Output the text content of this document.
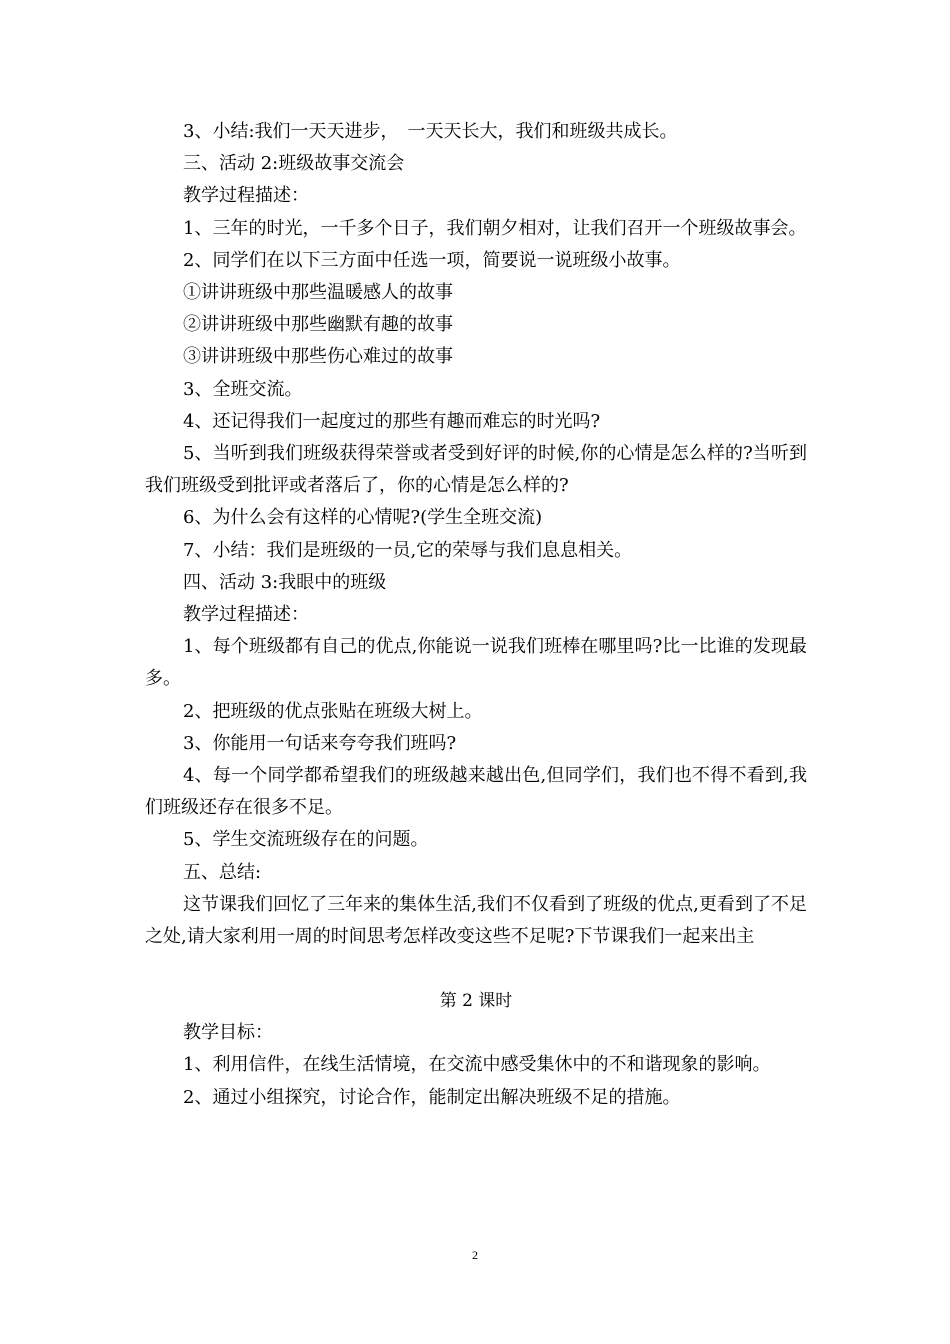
3、小结:我们一天天进步，　一天天长大，我们和班级共成长。

三、活动 2:班级故事交流会

教学过程描述：

1、三年的时光，一千多个日子，我们朝夕相对，让我们召开一个班级故事会。

2、同学们在以下三方面中任选一项，简要说一说班级小故事。

①讲讲班级中那些温暖感人的故事

②讲讲班级中那些幽默有趣的故事

③讲讲班级中那些伤心难过的故事

3、全班交流。

4、还记得我们一起度过的那些有趣而难忘的时光吗?

5、当听到我们班级获得荣誉或者受到好评的时候,你的心情是怎么样的?当听到我们班级受到批评或者落后了，你的心情是怎么样的?

6、为什么会有这样的心情呢?(学生全班交流)

7、小结：我们是班级的一员,它的荣辱与我们息息相关。

四、活动 3:我眼中的班级

教学过程描述：

1、每个班级都有自己的优点,你能说一说我们班棒在哪里吗?比一比谁的发现最多。

2、把班级的优点张贴在班级大树上。

3、你能用一句话来夸夸我们班吗?

4、每一个同学都希望我们的班级越来越出色,但同学们，我们也不得不看到,我们班级还存在很多不足。

5、学生交流班级存在的问题。

五、总结:

这节课我们回忆了三年来的集体生活,我们不仅看到了班级的优点,更看到了不足之处,请大家利用一周的时间思考怎样改变这些不足呢?下节课我们一起来出主

第 2 课时

教学目标：

1、利用信件，在线生活情境，在交流中感受集休中的不和谐现象的影响。

2、通过小组探究，讨论合作，能制定出解决班级不足的措施。

2
